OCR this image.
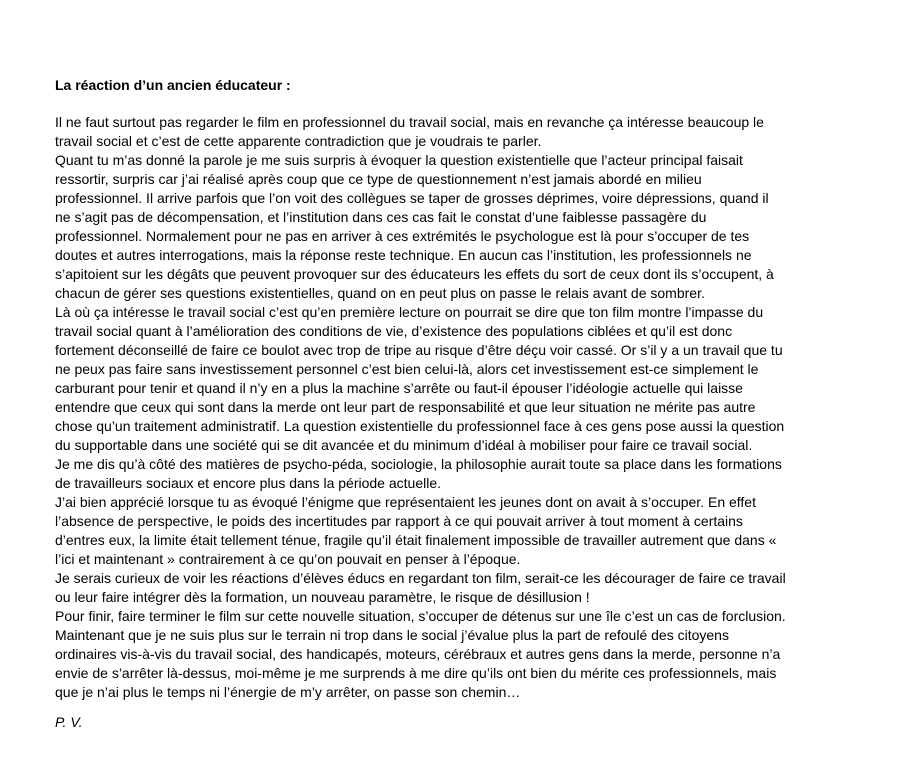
La réaction d’un ancien éducateur :
Il ne faut surtout pas regarder le film en professionnel du travail social, mais en revanche ça intéresse beaucoup le
travail social et c’est de cette apparente contradiction que je voudrais te parler.
Quant tu m’as donné la parole je me suis surpris à évoquer la question existentielle que l’acteur principal faisait
ressortir, surpris car j’ai réalisé après coup que ce type de questionnement n’est jamais abordé en milieu
professionnel. Il arrive parfois que l’on voit des collègues se taper de grosses déprimes, voire dépressions, quand il
ne s’agit pas de décompensation, et l’institution dans ces cas fait le constat d’une faiblesse passagère du
professionnel. Normalement pour ne pas en arriver à ces extrémités le psychologue est là pour s’occuper de tes
doutes et autres interrogations, mais la réponse reste technique. En aucun cas l’institution, les professionnels ne
s’apitoient sur les dégâts que peuvent provoquer sur des éducateurs les effets du sort de ceux dont ils s’occupent, à
chacun de gérer ses questions existentielles, quand on en peut plus on passe le relais avant de sombrer.
Là où ça intéresse le travail social c’est qu’en première lecture on pourrait se dire que ton film montre l’impasse du
travail social quant à l’amélioration des conditions de vie, d’existence des populations ciblées et qu’il est donc
fortement déconseillé de faire ce boulot avec trop de tripe au risque d’être déçu voir cassé. Or s’il y a un travail que tu
ne peux pas faire sans investissement personnel c’est bien celui-là, alors cet investissement est-ce simplement le
carburant pour tenir et quand il n’y en a plus la machine s’arrête ou faut-il épouser l’idéologie actuelle qui laisse
entendre que ceux qui sont dans la merde ont leur part de responsabilité et que leur situation ne mérite pas autre
chose qu’un traitement administratif. La question existentielle du professionnel face à ces gens pose aussi la question
du supportable dans une société qui se dit avancée et du minimum d’idéal à mobiliser pour faire ce travail social.
Je me dis qu’à côté des matières de psycho-péda, sociologie, la philosophie aurait toute sa place dans les formations
de travailleurs sociaux et encore plus dans la période actuelle.
J’ai bien apprécié lorsque tu as évoqué l’énigme que représentaient les jeunes dont on avait à s’occuper. En effet
l’absence de perspective, le poids des incertitudes par rapport à ce qui pouvait arriver à tout moment à certains
d’entres eux, la limite était tellement ténue, fragile qu’il était finalement impossible de travailler autrement que dans «
l’ici et maintenant » contrairement à ce qu’on pouvait en penser à l’époque.
Je serais curieux de voir les réactions d’élèves éducs en regardant ton film, serait-ce les décourager de faire ce travail
ou leur faire intégrer dès la formation, un nouveau paramètre, le risque de désillusion !
Pour finir, faire terminer le film sur cette nouvelle situation, s’occuper de détenus sur une île c’est un cas de forclusion.
Maintenant que je ne suis plus sur le terrain ni trop dans le social j’évalue plus la part de refoulé des citoyens
ordinaires vis-à-vis du travail social, des handicapés, moteurs, cérébraux et autres gens dans la merde, personne n’a
envie de s’arrêter là-dessus, moi-même je me surprends à me dire qu’ils ont bien du mérite ces professionnels, mais
que je n’ai plus le temps ni l’énergie de m’y arrêter, on passe son chemin…
P. V.
